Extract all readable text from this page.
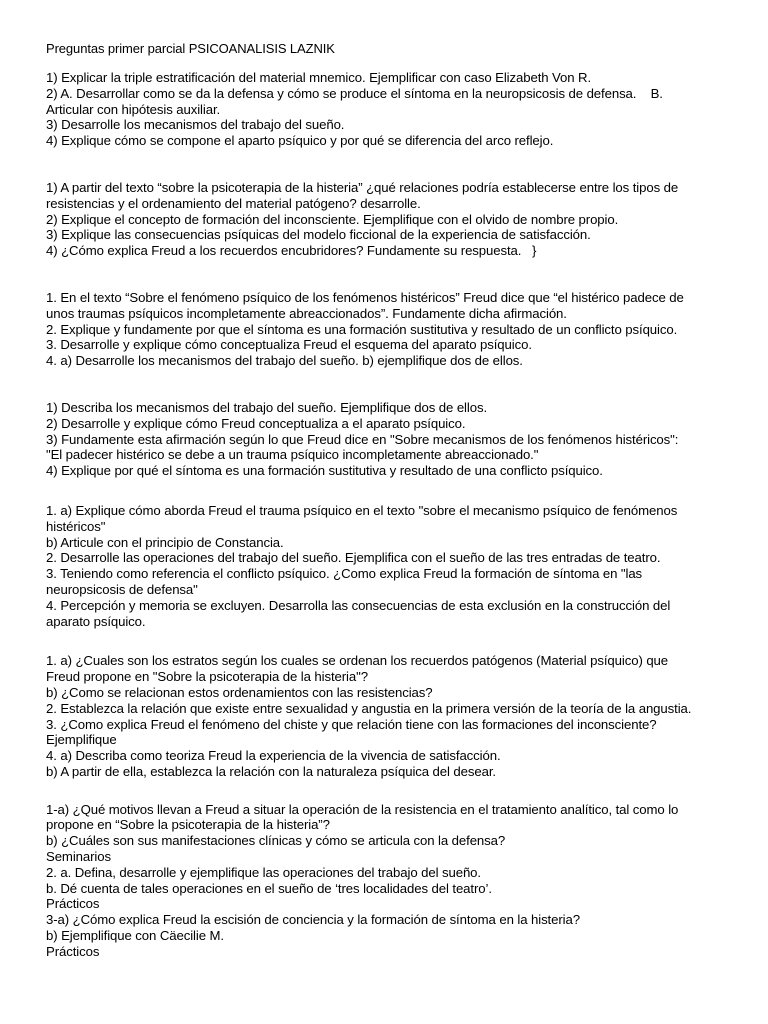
Preguntas primer parcial PSICOANALISIS LAZNIK
1) Explicar la triple estratificación del material mnemico. Ejemplificar con caso Elizabeth Von R.
2) A. Desarrollar como se da la defensa y cómo se produce el síntoma en la neuropsicosis de defensa.    B.
Articular con hipótesis auxiliar.
3) Desarrolle los mecanismos del trabajo del sueño.
4) Explique cómo se compone el aparto psíquico y por qué se diferencia del arco reflejo.
1) A partir del texto “sobre la psicoterapia de la histeria” ¿qué relaciones podría establecerse entre los tipos de
resistencias y el ordenamiento del material patógeno? desarrolle.
2) Explique el concepto de formación del inconsciente. Ejemplifique con el olvido de nombre propio.
3) Explique las consecuencias psíquicas del modelo ficcional de la experiencia de satisfacción.
4) ¿Cómo explica Freud a los recuerdos encubridores? Fundamente su respuesta.   }
1. En el texto “Sobre el fenómeno psíquico de los fenómenos histéricos” Freud dice que “el histérico padece de
unos traumas psíquicos incompletamente abreaccionados”. Fundamente dicha afirmación.
2. Explique y fundamente por que el síntoma es una formación sustitutiva y resultado de un conflicto psíquico.
3. Desarrolle y explique cómo conceptualiza Freud el esquema del aparato psíquico.
4. a) Desarrolle los mecanismos del trabajo del sueño. b) ejemplifique dos de ellos.
1) Describa los mecanismos del trabajo del sueño. Ejemplifique dos de ellos.
2) Desarrolle y explique cómo Freud conceptualiza a el aparato psíquico.
3) Fundamente esta afirmación según lo que Freud dice en "Sobre mecanismos de los fenómenos histéricos":
"El padecer histérico se debe a un trauma psíquico incompletamente abreaccionado."
4) Explique por qué el síntoma es una formación sustitutiva y resultado de una conflicto psíquico.
1. a) Explique cómo aborda Freud el trauma psíquico en el texto "sobre el mecanismo psíquico de fenómenos
histéricos"
b) Articule con el principio de Constancia.
2. Desarrolle las operaciones del trabajo del sueño. Ejemplifica con el sueño de las tres entradas de teatro.
3. Teniendo como referencia el conflicto psíquico. ¿Como explica Freud la formación de síntoma en "las
neuropsicosis de defensa"
4. Percepción y memoria se excluyen. Desarrolla las consecuencias de esta exclusión en la construcción del
aparato psíquico.
1. a) ¿Cuales son los estratos según los cuales se ordenan los recuerdos patógenos (Material psíquico) que
Freud propone en "Sobre la psicoterapia de la histeria"?
b) ¿Como se relacionan estos ordenamientos con las resistencias?
2. Establezca la relación que existe entre sexualidad y angustia en la primera versión de la teoría de la angustia.
3. ¿Como explica Freud el fenómeno del chiste y que relación tiene con las formaciones del inconsciente?
Ejemplifique
4. a) Describa como teoriza Freud la experiencia de la vivencia de satisfacción.
b) A partir de ella, establezca la relación con la naturaleza psíquica del desear.
1-a) ¿Qué motivos llevan a Freud a situar la operación de la resistencia en el tratamiento analítico, tal como lo
propone en “Sobre la psicoterapia de la histeria”?
b) ¿Cuáles son sus manifestaciones clínicas y cómo se articula con la defensa?
Seminarios
2. a. Defina, desarrolle y ejemplifique las operaciones del trabajo del sueño.
b. Dé cuenta de tales operaciones en el sueño de ‘tres localidades del teatro’.
Prácticos
3-a) ¿Cómo explica Freud la escisión de conciencia y la formación de síntoma en la histeria?
b) Ejemplifique con Cäecilie M.
Prácticos
